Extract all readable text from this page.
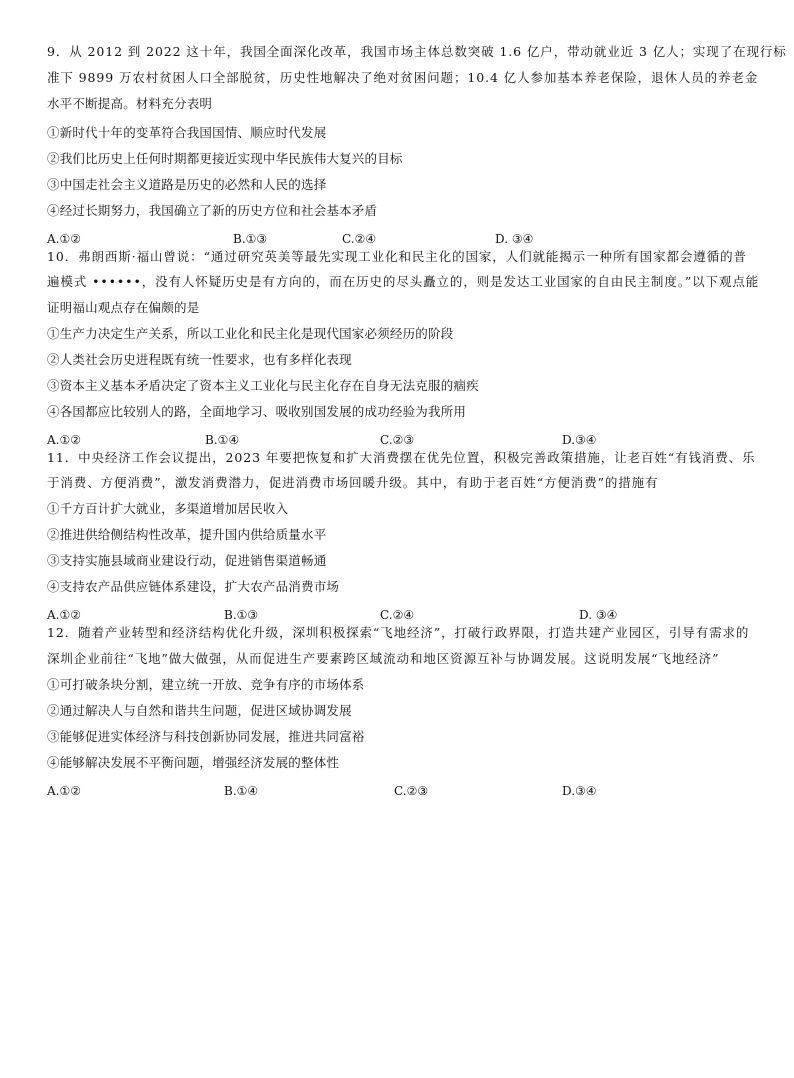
9．从 2012 到 2022 这十年，我国全面深化改革，我国市场主体总数突破 1.6 亿户，带动就业近 3 亿人；实现了在现行标
准下 9899 万农村贫困人口全部脱贫，历史性地解决了绝对贫困问题；10.4 亿人参加基本养老保险，退休人员的养老金
水平不断提高。材料充分表明
①新时代十年的变革符合我国国情、顺应时代发展
②我们比历史上任何时期都更接近实现中华民族伟大复兴的目标
③中国走社会主义道路是历史的必然和人民的选择
④经过长期努力，我国确立了新的历史方位和社会基本矛盾
A.①②	B.①③	C.②④	D. ③④
10．弗朗西斯·福山曾说：“通过研究英美等最先实现工业化和民主化的国家，人们就能揭示一种所有国家都会遵循的普
遍模式 ••••••，没有人怀疑历史是有方向的，而在历史的尽头矗立的，则是发达工业国家的自由民主制度。”以下观点能
证明福山观点存在偏颇的是
①生产力决定生产关系，所以工业化和民主化是现代国家必须经历的阶段
②人类社会历史进程既有统一性要求，也有多样化表现
③资本主义基本矛盾决定了资本主义工业化与民主化存在自身无法克服的痼疾
④各国都应比较别人的路，全面地学习、吸收别国发展的成功经验为我所用
A.①②	B.①④	C.②③	D.③④
11．中央经济工作会议提出，2023 年要把恢复和扩大消费摆在优先位置，积极完善政策措施，让老百姓“有钱消费、乐
于消费、方便消费”，激发消费潜力，促进消费市场回暖升级。其中，有助于老百姓“方便消费”的措施有
①千方百计扩大就业，多渠道增加居民收入
②推进供给侧结构性改革，提升国内供给质量水平
③支持实施县域商业建设行动，促进销售渠道畅通
④支持农产品供应链体系建设，扩大农产品消费市场
A.①②	B.①③	C.②④	D. ③④
12．随着产业转型和经济结构优化升级，深圳积极探索“飞地经济”，打破行政界限，打造共建产业园区，引导有需求的
深圳企业前往“飞地”做大做强，从而促进生产要素跨区域流动和地区资源互补与协调发展。这说明发展“飞地经济”
①可打破条块分割，建立统一开放、竞争有序的市场体系
②通过解决人与自然和谐共生问题，促进区域协调发展
③能够促进实体经济与科技创新协同发展，推进共同富裕
④能够解决发展不平衡问题，增强经济发展的整体性
A.①②	B.①④	C.②③	D.③④
